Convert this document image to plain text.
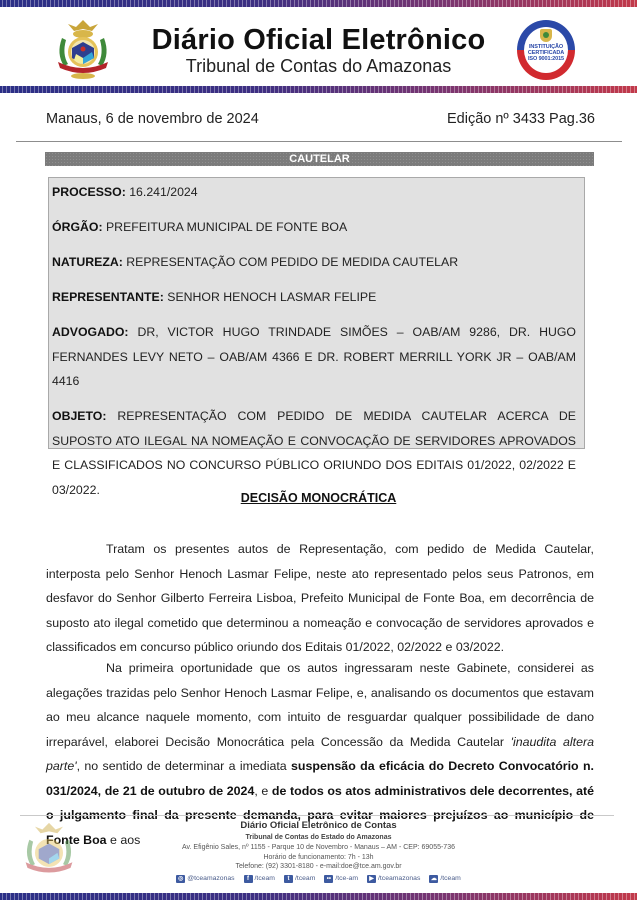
Diário Oficial Eletrônico
Tribunal de Contas do Amazonas
INSTITUIÇÃO CERTIFICADA ISO 9001:2015
Manaus, 6 de novembro de 2024	Edição nº 3433 Pag.36
CAUTELAR
PROCESSO: 16.241/2024
ÓRGÃO: PREFEITURA MUNICIPAL DE FONTE BOA
NATUREZA: REPRESENTAÇÃO COM PEDIDO DE MEDIDA CAUTELAR
REPRESENTANTE: SENHOR HENOCH LASMAR FELIPE
ADVOGADO: DR, VICTOR HUGO TRINDADE SIMÕES – OAB/AM 9286, DR. HUGO FERNANDES LEVY NETO – OAB/AM 4366 E DR. ROBERT MERRILL YORK JR – OAB/AM 4416
OBJETO: REPRESENTAÇÃO COM PEDIDO DE MEDIDA CAUTELAR ACERCA DE SUPOSTO ATO ILEGAL NA NOMEAÇÃO E CONVOCAÇÃO DE SERVIDORES APROVADOS E CLASSIFICADOS NO CONCURSO PÚBLICO ORIUNDO DOS EDITAIS 01/2022, 02/2022 E 03/2022.
DECISÃO MONOCRÁTICA
Tratam os presentes autos de Representação, com pedido de Medida Cautelar, interposta pelo Senhor Henoch Lasmar Felipe, neste ato representado pelos seus Patronos, em desfavor do Senhor Gilberto Ferreira Lisboa, Prefeito Municipal de Fonte Boa, em decorrência de suposto ato ilegal cometido que determinou a nomeação e convocação de servidores aprovados e classificados em concurso público oriundo dos Editais 01/2022, 02/2022 e 03/2022.
Na primeira oportunidade que os autos ingressaram neste Gabinete, considerei as alegações trazidas pelo Senhor Henoch Lasmar Felipe, e, analisando os documentos que estavam ao meu alcance naquele momento, com intuito de resguardar qualquer possibilidade de dano irreparável, elaborei Decisão Monocrática pela Concessão da Medida Cautelar 'inaudita altera parte', no sentido de determinar a imediata suspensão da eficácia do Decreto Convocatório n. 031/2024, de 21 de outubro de 2024, e de todos os atos administrativos dele decorrentes, até o julgamento final da presente demanda, para evitar maiores prejuízos ao município de Fonte Boa e aos
Diário Oficial Eletrônico de Contas
Tribunal de Contas do Estado do Amazonas
Av. Efigênio Sales, nº 1155 - Parque 10 de Novembro - Manaus – AM - CEP: 69055-736
Horário de funcionamento: 7h - 13h
Telefone: (92) 3301-8180 - e-mail:doe@tce.am.gov.br
◎ @tceamazonas	f /tceam	t /tceam	•• /tce-am	▶ /tceamazonas ☁ /tceam
